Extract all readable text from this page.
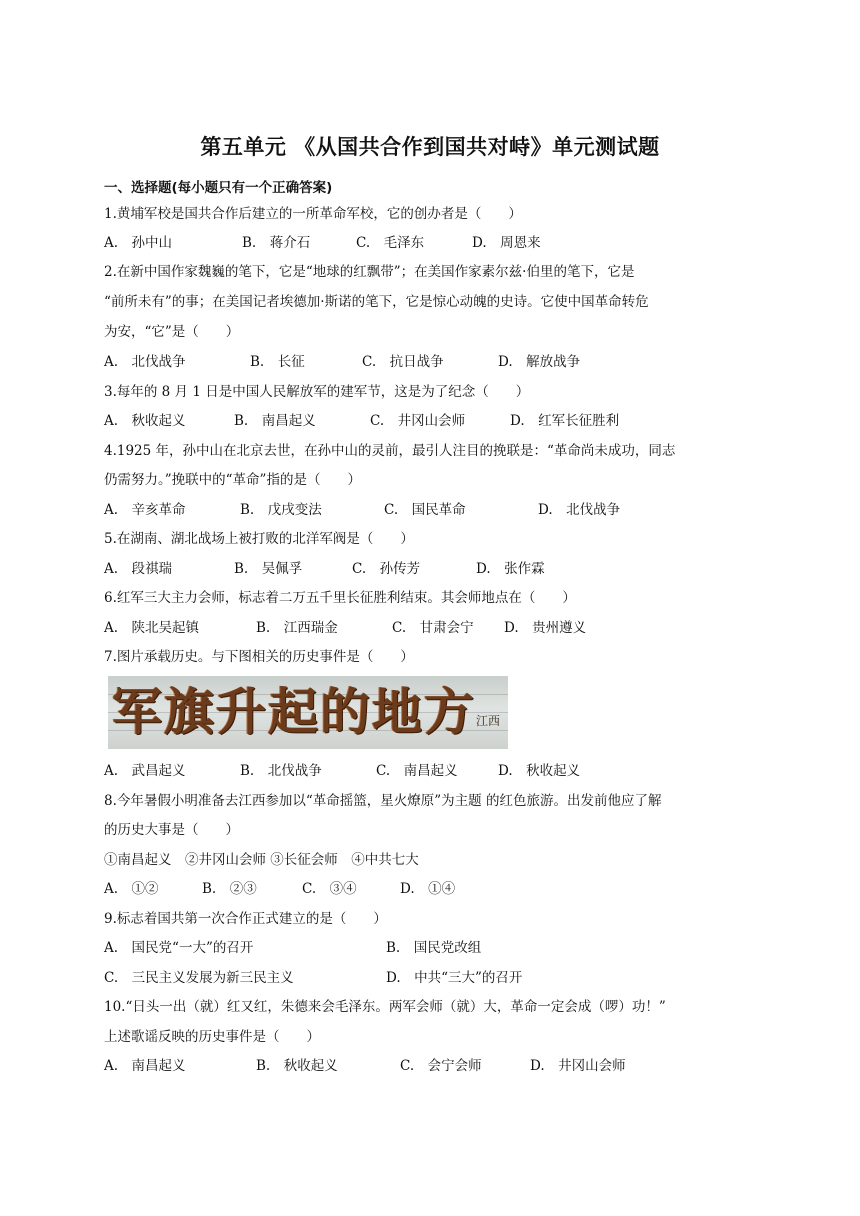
第五单元 《从国共合作到国共对峙》单元测试题
一、选择题(每小题只有一个正确答案)
1.黄埔军校是国共合作后建立的一所革命军校，它的创办者是（　　）
A.　孙中山	B.　蒋介石	C.　毛泽东	D.　周恩来
2.在新中国作家魏巍的笔下，它是“地球的红飘带”；在美国作家素尔兹·伯里的笔下，它是
“前所未有”的事；在美国记者埃德加·斯诺的笔下，它是惊心动魄的史诗。它使中国革命转危
为安，“它”是（　　）
A.　北伐战争	B.　长征	C.　抗日战争	D.　解放战争
3.每年的 8 月 1 日是中国人民解放军的建军节，这是为了纪念（　　）
A.　秋收起义	B.　南昌起义	C.　井冈山会师	D.　红军长征胜利
4.1925 年，孙中山在北京去世，在孙中山的灵前，最引人注目的挽联是：“革命尚未成功，同志
仍需努力。”挽联中的“革命”指的是（　　）
A.　辛亥革命	B.　戊戌变法	C.　国民革命	D.　北伐战争
5.在湖南、湖北战场上被打败的北洋军阀是（　　）
A.　段祺瑞	B.　吴佩孚	C.　孙传芳	D.　张作霖
6.红军三大主力会师，标志着二万五千里长征胜利结束。其会师地点在（　　）
A.　陕北吴起镇	B.　江西瑞金	C.　甘肃会宁 D.　贵州遵义
7.图片承载历史。与下图相关的历史事件是（　　）
军旗升起的地方 江西
A.　武昌起义	B.　北伐战争	C.　南昌起义	D.　秋收起义
8.今年暑假小明准备去江西参加以“革命摇篮，星火燎原”为主题 的红色旅游。出发前他应了解
的历史大事是（　　）
①南昌起义　②井冈山会师 ③长征会师　④中共七大
A.　①②	B.　②③	C.　③④	D.　①④
9.标志着国共第一次合作正式建立的是（　　）
A.　国民党“一大”的召开	B.　国民党改组
C.　三民主义发展为新三民主义	D.　中共“三大”的召开
10.“日头一出（就）红又红，朱德来会毛泽东。两军会师（就）大，革命一定会成（啰）功！”
上述歌谣反映的历史事件是（　　）
A.　南昌起义	B.　秋收起义	C.　会宁会师	D.　井冈山会师
